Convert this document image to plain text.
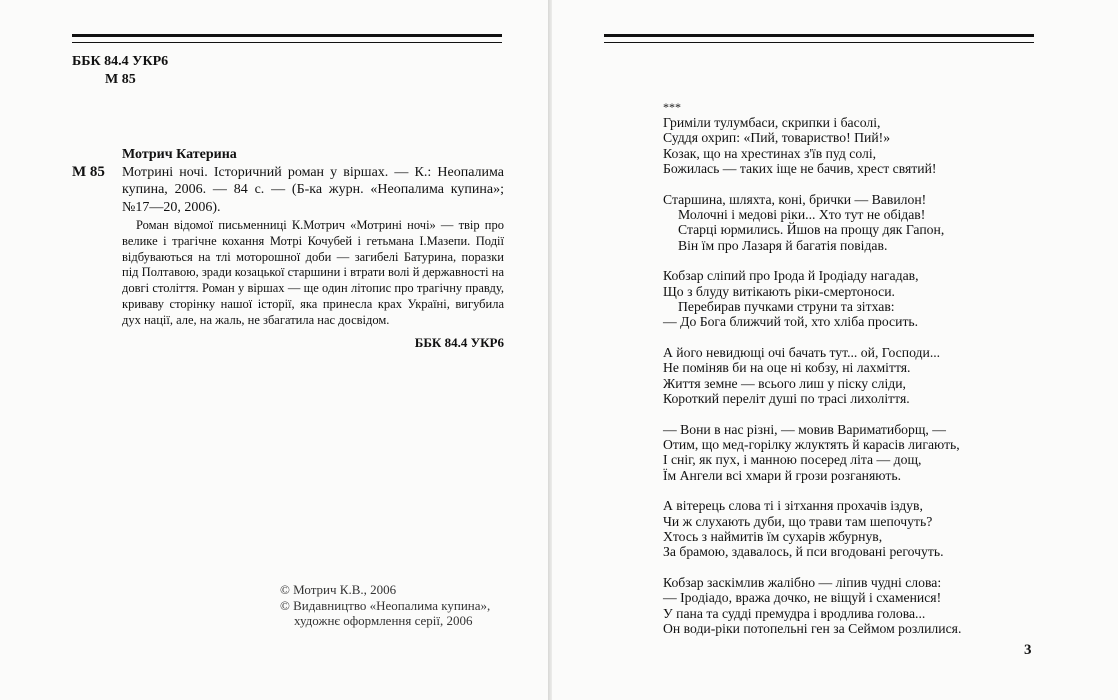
ББК 84.4 УКР6
М 85
Мотрич Катерина
М 85 Мотрині ночі. Історичний роман у віршах. — К.: Неопалима купина, 2006. — 84 с. — (Б-ка журн. «Неопалима купина»; №17—20, 2006).
Роман відомої письменниці К.Мотрич «Мотрині ночі» — твір про велике і трагічне кохання Мотрі Кочубей і гетьмана І.Мазепи. Події відбуваються на тлі моторошної доби — загибелі Батурина, поразки під Полтавою, зради козацької старшини і втрати волі й державності на довгі століття. Роман у віршах — ще один літопис про трагічну правду, криваву сторінку нашої історії, яка принесла крах Україні, вигубила дух нації, але, на жаль, не збагатила нас досвідом.
ББК 84.4 УКР6
© Мотрич К.В., 2006
© Видавництво «Неопалима купина»,
художнє оформлення серії, 2006
***
Гриміли тулумбаси, скрипки і басолі,
Суддя охрип: «Пий, товариство! Пий!»
Козак, що на хрестинах з'їв пуд солі,
Божилась — таких іще не бачив, хрест святий!
Старшина, шляхта, коні, брички — Вавилон!
Молочні і медові ріки... Хто тут не обідав!
Старці юрмились. Йшов на прощу дяк Гапон,
Він їм про Лазаря й багатія повідав.
Кобзар сліпий про Ірода й Іродіаду нагадав,
Що з блуду витікають ріки-смертоноси.
Перебирав пучками струни та зітхав:
— До Бога ближчий той, хто хліба просить.
А його невидющі очі бачать тут... ой, Господи...
Не поміняв би на оце ні кобзу, ні лахміття.
Життя земне — всього лиш у піску сліди,
Короткий переліт душі по трасі лихоліття.
— Вони в нас різні, — мовив Вариматиборщ, —
Отим, що мед-горілку жлуктять й карасів лигають,
І сніг, як пух, і манною посеред літа — дощ,
Їм Ангели всі хмари й грози розганяють.
А вітерець слова ті і зітхання прохачів іздув,
Чи ж слухають дуби, що трави там шепочуть?
Хтось з наймитів їм сухарів жбурнув,
За брамою, здавалось, й пси вгодовані регочуть.
Кобзар заскімлив жалібно — ліпив чудні слова:
— Іродіадо, вража дочко, не віщуй і схаменися!
У пана та судді премудра і вродлива голова...
Он води-ріки потопельні ген за Сеймом розлилися.
3
